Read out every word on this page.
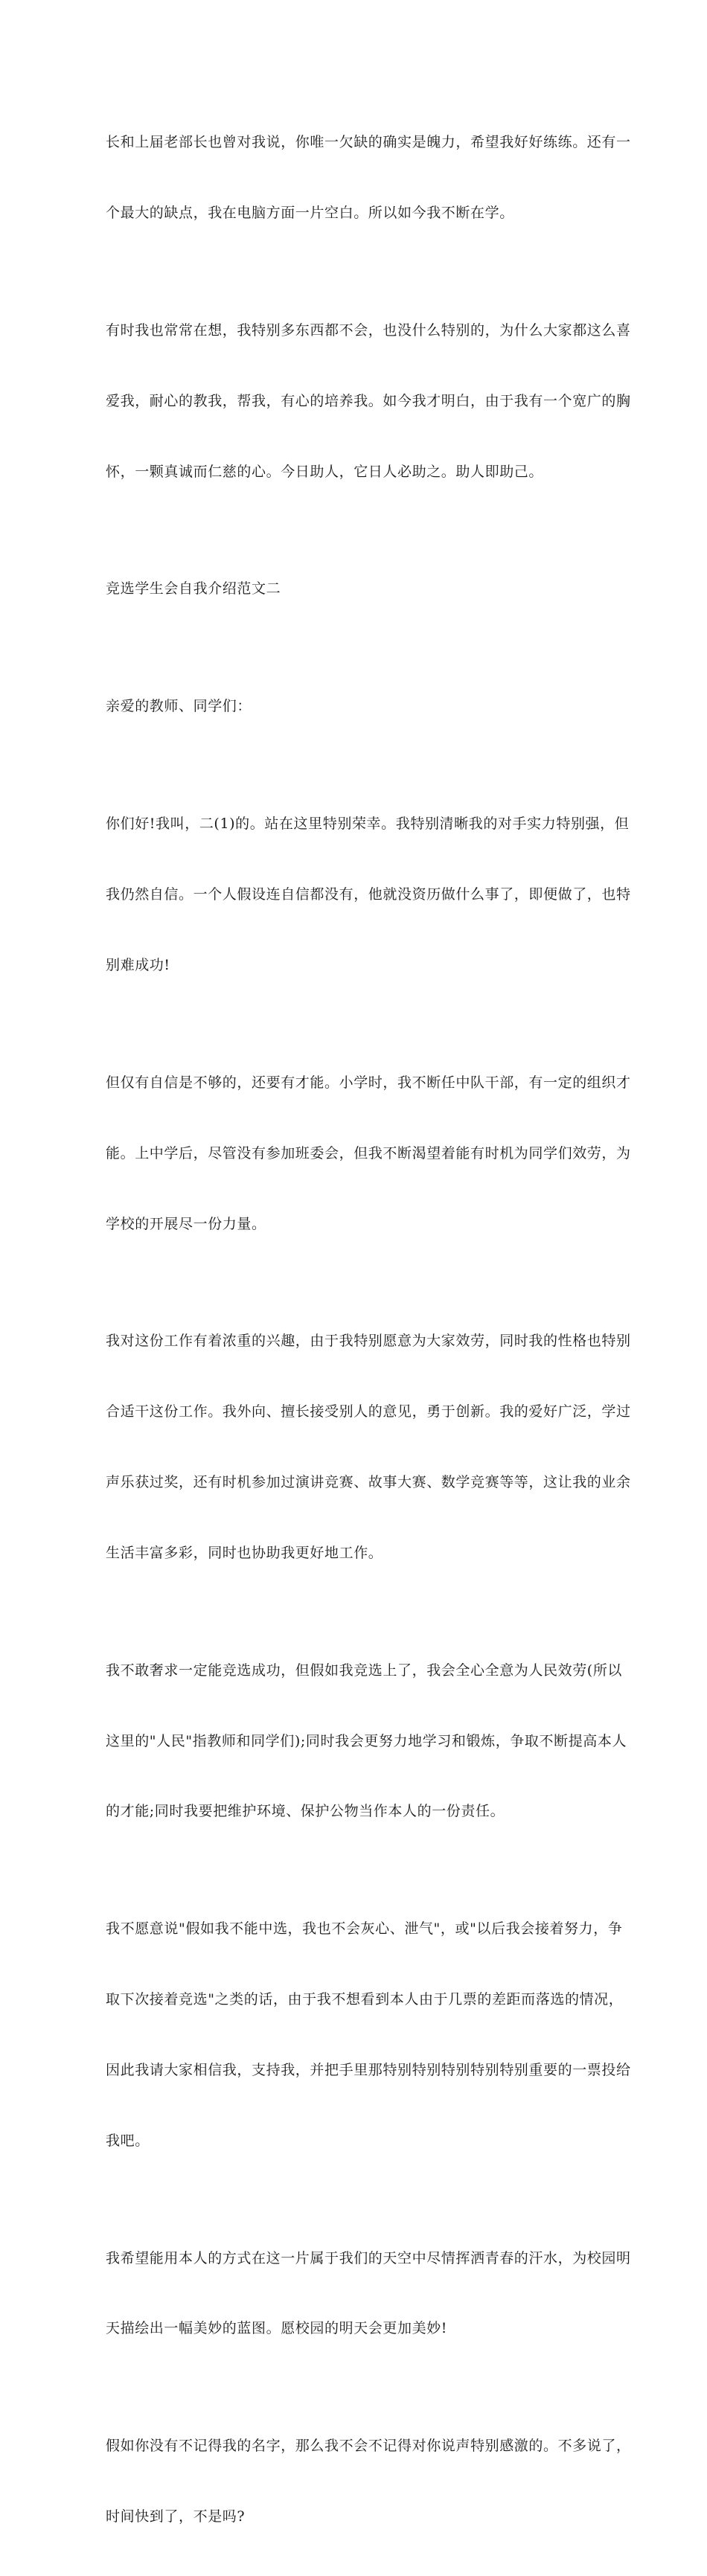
长和上届老部长也曾对我说，你唯一欠缺的确实是魄力，希望我好好练练。还有一

个最大的缺点，我在电脑方面一片空白。所以如今我不断在学。

有时我也常常在想，我特别多东西都不会，也没什么特别的，为什么大家都这么喜

爱我，耐心的教我，帮我，有心的培养我。如今我才明白，由于我有一个宽广的胸

怀，一颗真诚而仁慈的心。今日助人，它日人必助之。助人即助己。

竞选学生会自我介绍范文二

亲爱的教师、同学们：

你们好!我叫，二(1)的。站在这里特别荣幸。我特别清晰我的对手实力特别强，但

我仍然自信。一个人假设连自信都没有，他就没资历做什么事了，即便做了，也特

别难成功!

但仅有自信是不够的，还要有才能。小学时，我不断任中队干部，有一定的组织才

能。上中学后，尽管没有参加班委会，但我不断渴望着能有时机为同学们效劳，为

学校的开展尽一份力量。

我对这份工作有着浓重的兴趣，由于我特别愿意为大家效劳，同时我的性格也特别

合适干这份工作。我外向、擅长接受别人的意见，勇于创新。我的爱好广泛，学过

声乐获过奖，还有时机参加过演讲竞赛、故事大赛、数学竞赛等等，这让我的业余

生活丰富多彩，同时也协助我更好地工作。

我不敢奢求一定能竞选成功，但假如我竞选上了，我会全心全意为人民效劳(所以

这里的"人民"指教师和同学们);同时我会更努力地学习和锻炼，争取不断提高本人

的才能;同时我要把维护环境、保护公物当作本人的一份责任。

我不愿意说"假如我不能中选，我也不会灰心、泄气"，或"以后我会接着努力，争

取下次接着竞选"之类的话，由于我不想看到本人由于几票的差距而落选的情况，

因此我请大家相信我，支持我，并把手里那特别特别特别特别特别重要的一票投给

我吧。

我希望能用本人的方式在这一片属于我们的天空中尽情挥洒青春的汗水，为校园明

天描绘出一幅美妙的蓝图。愿校园的明天会更加美妙!

假如你没有不记得我的名字，那么我不会不记得对你说声特别感激的。不多说了，

时间快到了，不是吗?
